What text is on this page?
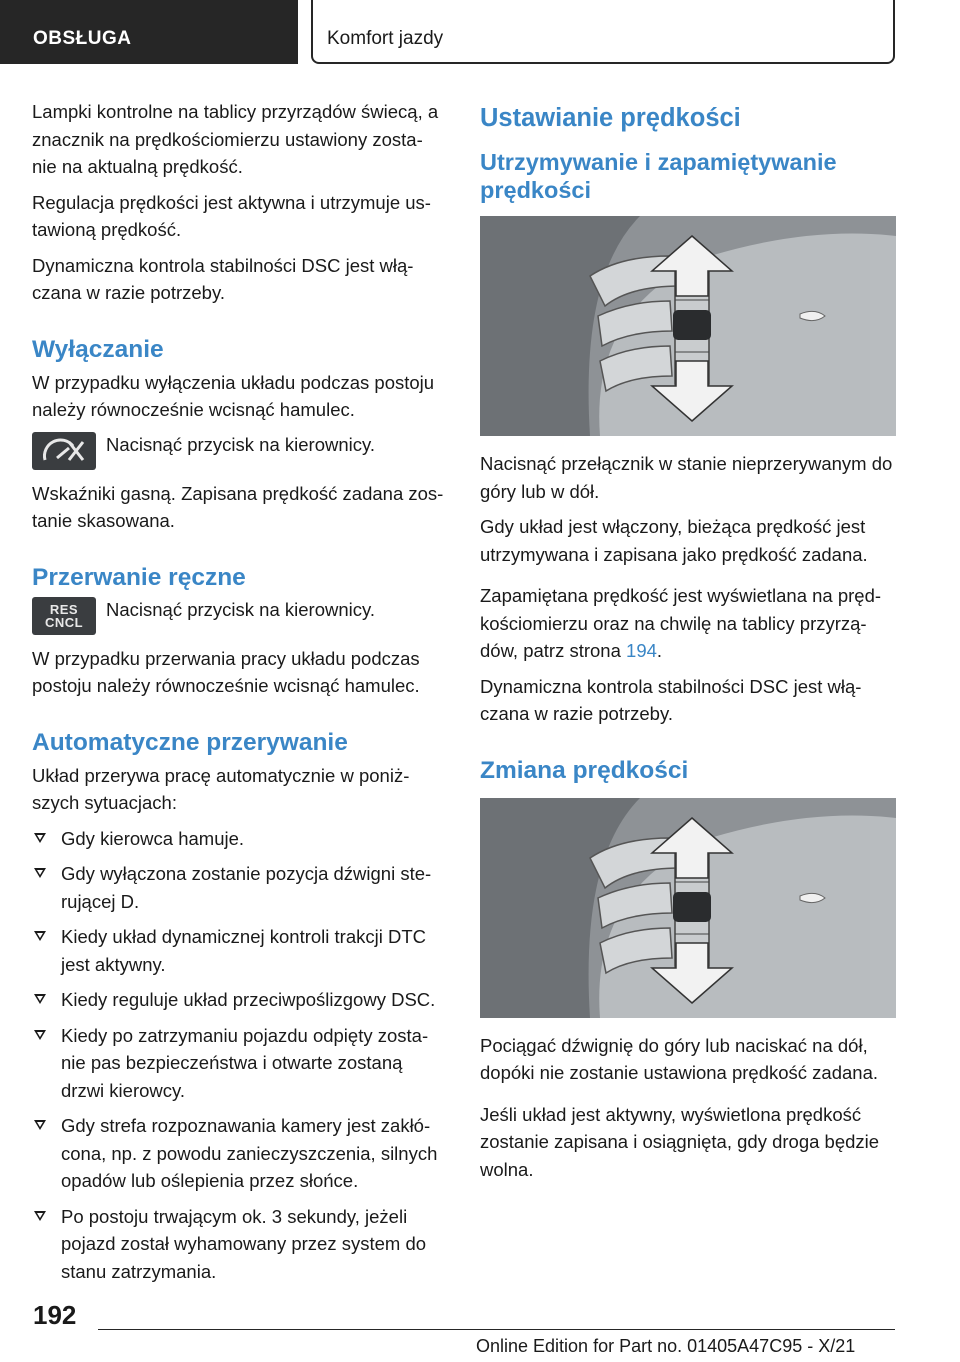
OBSŁUGA	Komfort jazdy

Lampki kontrolne na tablicy przyrządów świecą, a znacznik na prędkościomierzu ustawiony zosta- nie na aktualną prędkość.

Regulacja prędkości jest aktywna i utrzymuje us- tawioną prędkość.

Dynamiczna kontrola stabilności DSC jest włą- czana w razie potrzeby.

Wyłączanie

W przypadku wyłączenia układu podczas postoju należy równocześnie wcisnąć hamulec.

Nacisnąć przycisk na kierownicy.

Wskaźniki gasną. Zapisana prędkość zadana zos- tanie skasowana.

Przerwanie ręczne
RES
CNCL
Nacisnąć przycisk na kierownicy.

W przypadku przerwania pracy układu podczas postoju należy równocześnie wcisnąć hamulec.

Automatyczne przerywanie

Układ przerywa pracę automatycznie w poniż- szych sytuacjach:

Gdy kierowca hamuje.
Gdy wyłączona zostanie pozycja dźwigni ste- rującej D.
Kiedy układ dynamicznej kontroli trakcji DTC jest aktywny.
Kiedy reguluje układ przeciwpoślizgowy DSC.
Kiedy po zatrzymaniu pojazdu odpięty zosta- nie pas bezpieczeństwa i otwarte zostaną drzwi kierowcy.
Gdy strefa rozpoznawania kamery jest zakłó- cona, np. z powodu zanieczyszczenia, silnych opadów lub oślepienia przez słońce.
Po postoju trwającym ok. 3 sekundy, jeżeli pojazd został wyhamowany przez system do stanu zatrzymania.
Ustawianie prędkości
Utrzymywanie i zapamiętywanie prędkości

Nacisnąć przełącznik w stanie nieprzerywanym do góry lub w dół.

Gdy układ jest włączony, bieżąca prędkość jest utrzymywana i zapisana jako prędkość zadana.

Zapamiętana prędkość jest wyświetlana na pręd- kościomierzu oraz na chwilę na tablicy przyrzą- dów, patrz strona 194.

Dynamiczna kontrola stabilności DSC jest włą- czana w razie potrzeby.

Zmiana prędkości

Pociągać dźwignię do góry lub naciskać na dół, dopóki nie zostanie ustawiona prędkość zadana.

Jeśli układ jest aktywny, wyświetlona prędkość zostanie zapisana i osiągnięta, gdy droga będzie wolna.

192
Online Edition for Part no. 01405A47C95 - X/21
